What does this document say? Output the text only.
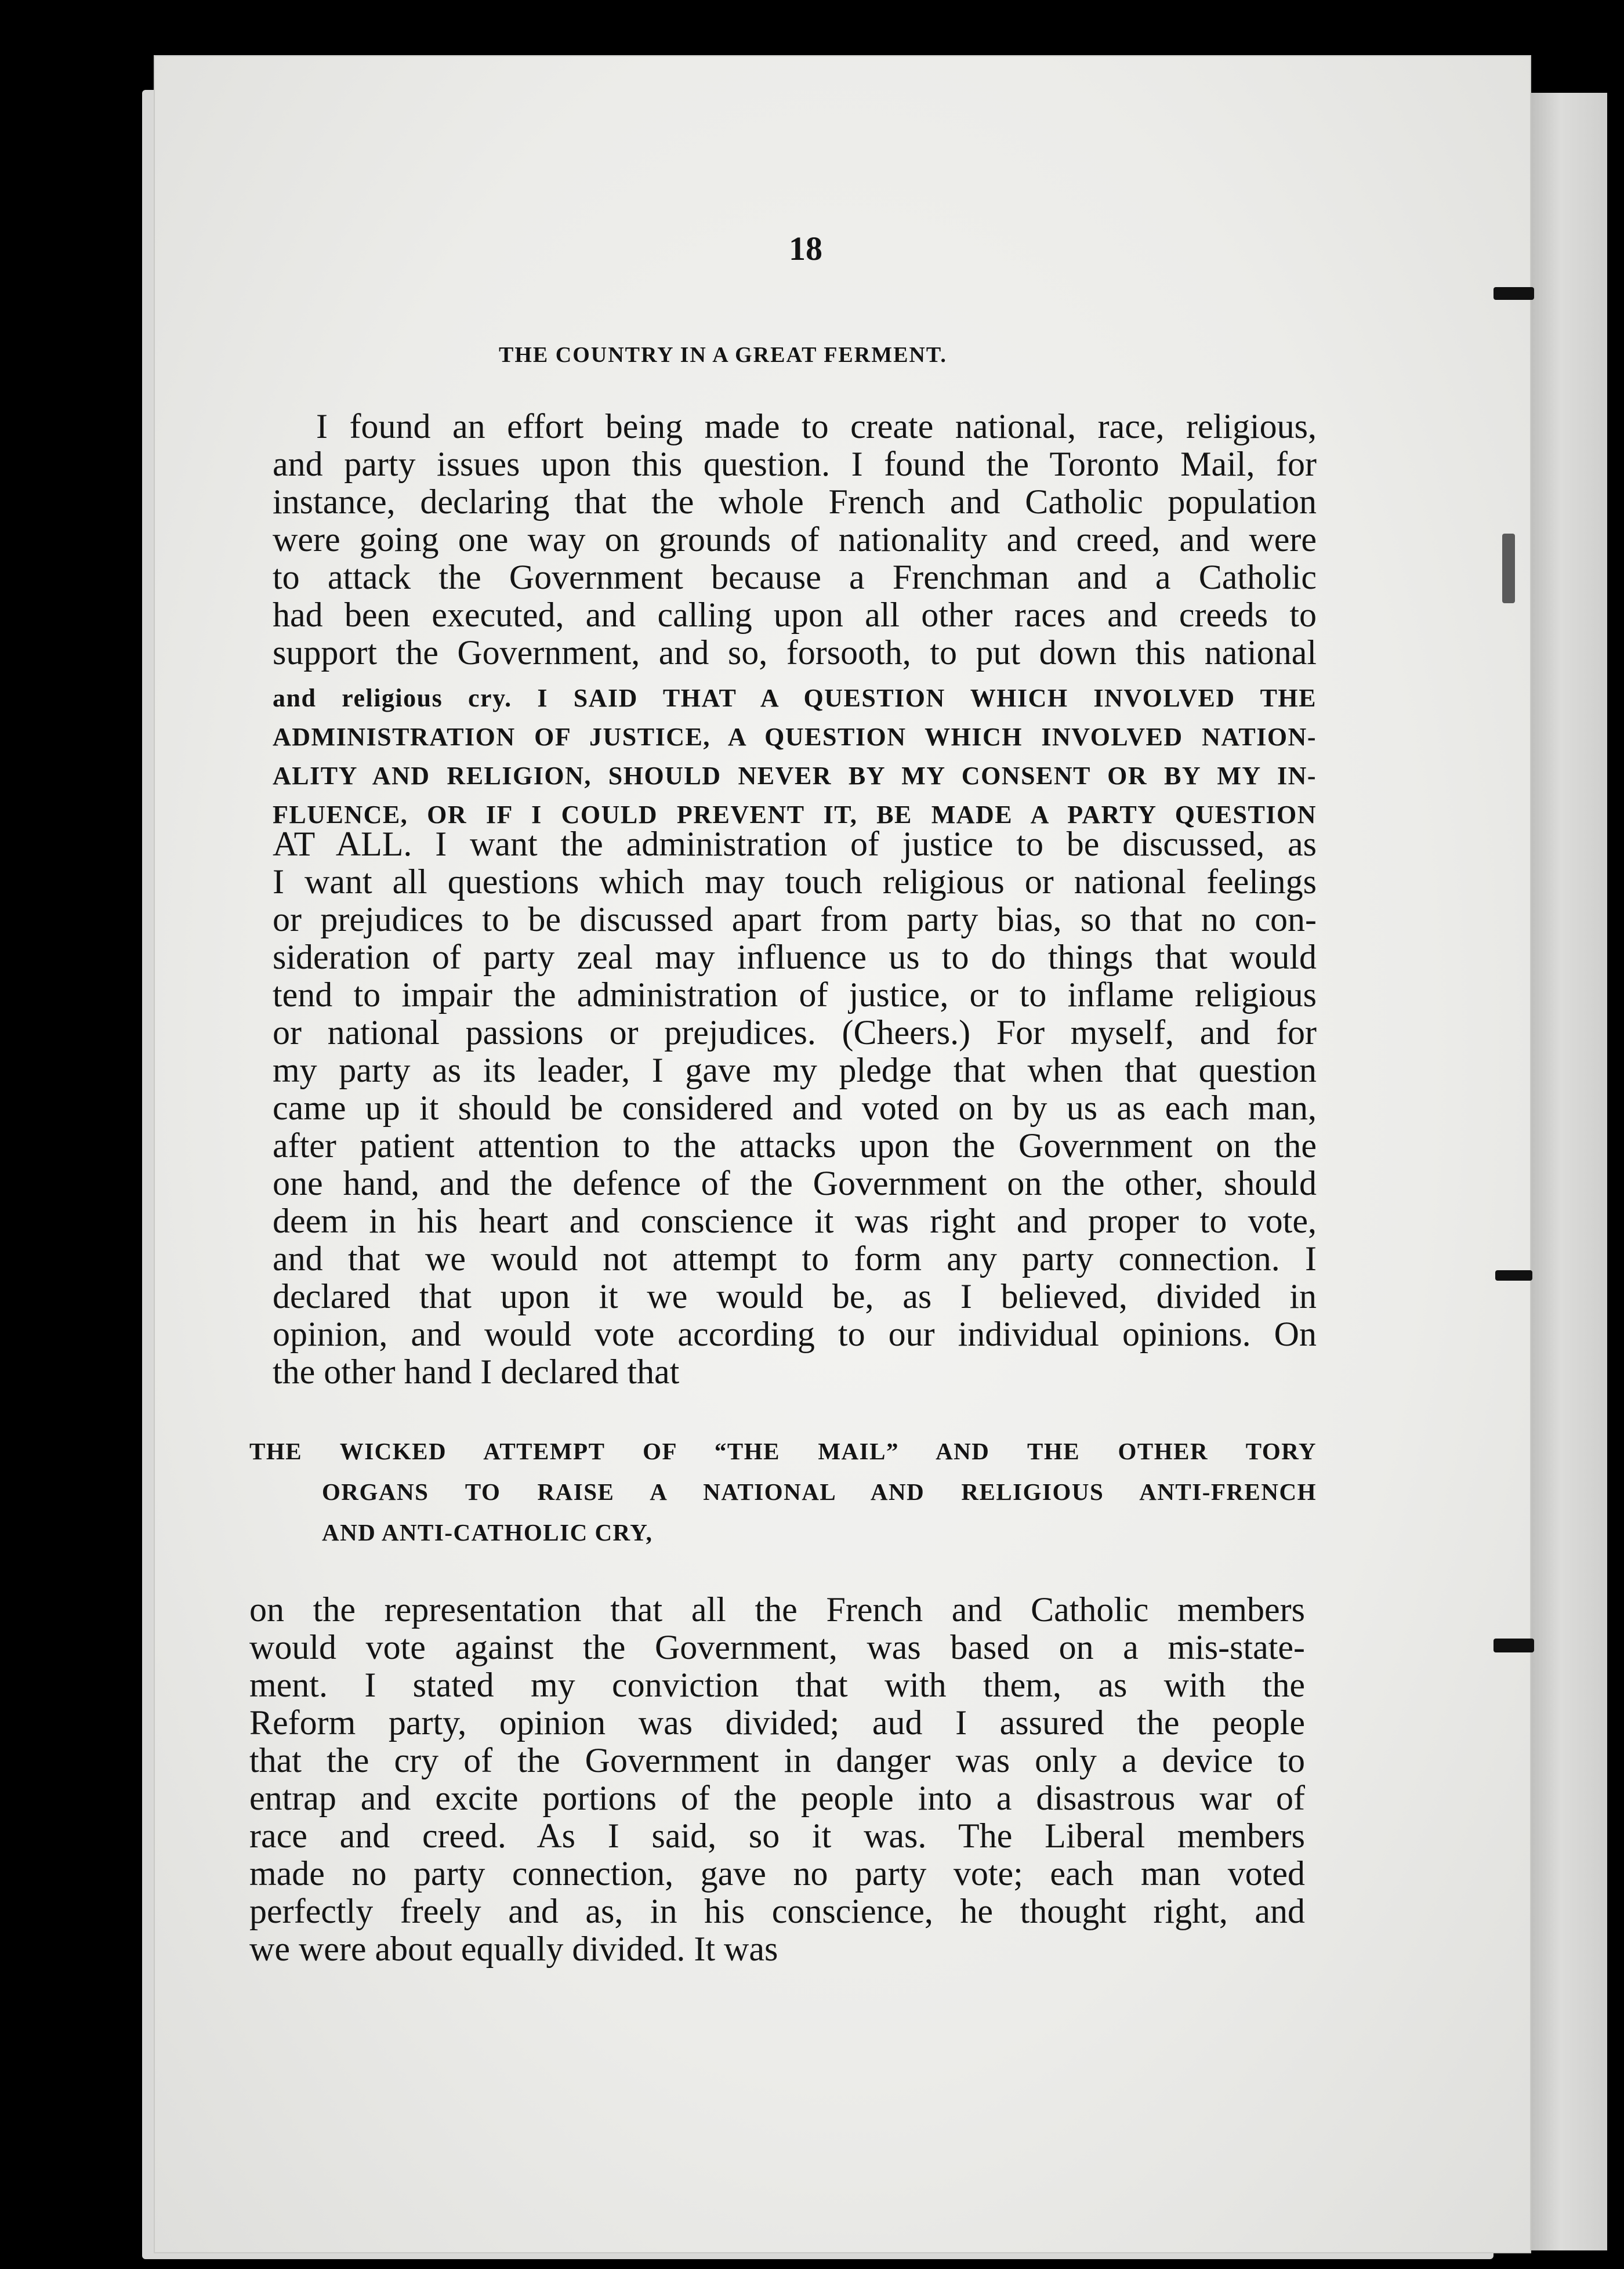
18
THE COUNTRY IN A GREAT FERMENT.
I found an effort being made to create national, race, religious,
and party issues upon this question. I found the Toronto Mail, for
instance, declaring that the whole French and Catholic population
were going one way on grounds of nationality and creed, and were
to attack the Government because a Frenchman and a Catholic
had been executed, and calling upon all other races and creeds to
support the Government, and so, forsooth, to put down this national
and religious cry. I SAID THAT A QUESTION WHICH INVOLVED THE
ADMINISTRATION OF JUSTICE, A QUESTION WHICH INVOLVED NATION-
ALITY AND RELIGION, SHOULD NEVER BY MY CONSENT OR BY MY IN-
FLUENCE, OR IF I COULD PREVENT IT, BE MADE A PARTY QUESTION
AT ALL. I want the administration of justice to be discussed, as
I want all questions which may touch religious or national feelings
or prejudices to be discussed apart from party bias, so that no con-
sideration of party zeal may influence us to do things that would
tend to impair the administration of justice, or to inflame religious
or national passions or prejudices. (Cheers.) For myself, and for
my party as its leader, I gave my pledge that when that question
came up it should be considered and voted on by us as each man,
after patient attention to the attacks upon the Government on the
one hand, and the defence of the Government on the other, should
deem in his heart and conscience it was right and proper to vote,
and that we would not attempt to form any party connection. I
declared that upon it we would be, as I believed, divided in
opinion, and would vote according to our individual opinions. On
the other hand I declared that
THE WICKED ATTEMPT OF “THE MAIL” AND THE OTHER TORY
ORGANS TO RAISE A NATIONAL AND RELIGIOUS ANTI-FRENCH
AND ANTI-CATHOLIC CRY,
on the representation that all the French and Catholic members
would vote against the Government, was based on a mis-state-
ment. I stated my conviction that with them, as with the
Reform party, opinion was divided; aud I assured the people
that the cry of the Government in danger was only a device to
entrap and excite portions of the people into a disastrous war of
race and creed. As I said, so it was. The Liberal members
made no party connection, gave no party vote; each man voted
perfectly freely and as, in his conscience, he thought right, and
we were about equally divided. It was
